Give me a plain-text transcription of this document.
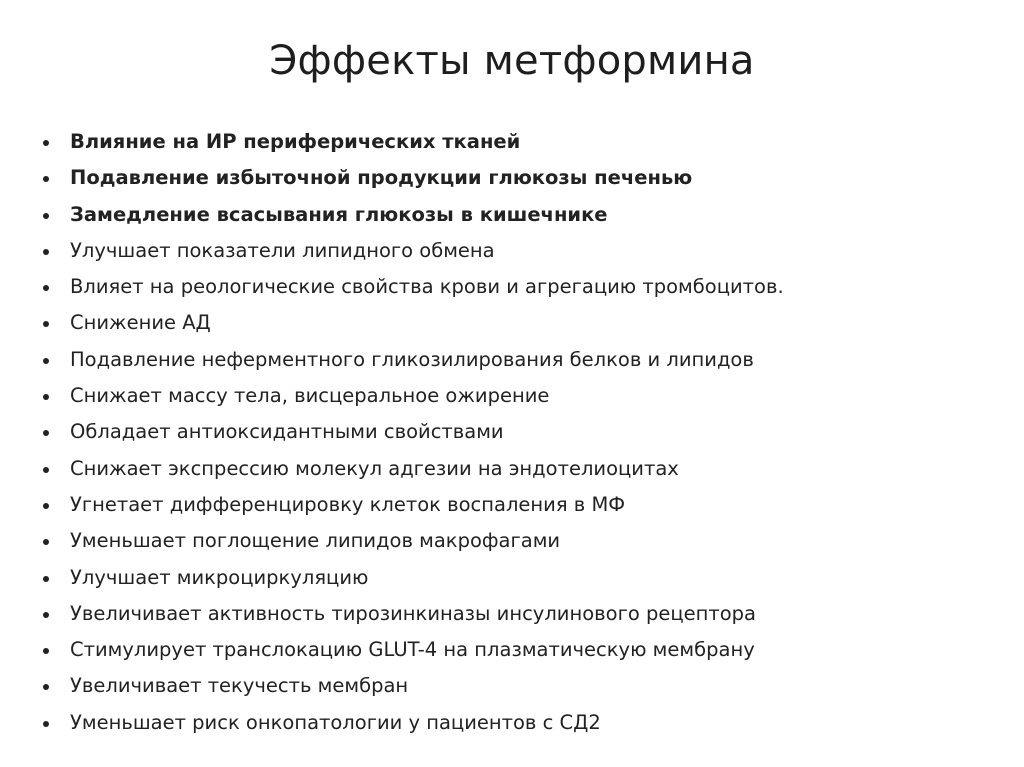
Эффекты метформина
Влияние на ИР периферических тканей
Подавление избыточной продукции глюкозы печенью
Замедление всасывания глюкозы в кишечнике
Улучшает показатели липидного обмена
Влияет на реологические свойства крови и агрегацию тромбоцитов.
Снижение АД
Подавление неферментного гликозилирования белков и липидов
Снижает массу тела, висцеральное ожирение
Обладает антиоксидантными свойствами
Снижает экспрессию молекул адгезии на эндотелиоцитах
Угнетает дифференцировку клеток воспаления в МФ
Уменьшает поглощение липидов макрофагами
Улучшает микроциркуляцию
Увеличивает активность тирозинкиназы инсулинового рецептора
Стимулирует транслокацию GLUT-4 на плазматическую мембрану
Увеличивает текучесть мембран
Уменьшает риск онкопатологии у пациентов с СД2
